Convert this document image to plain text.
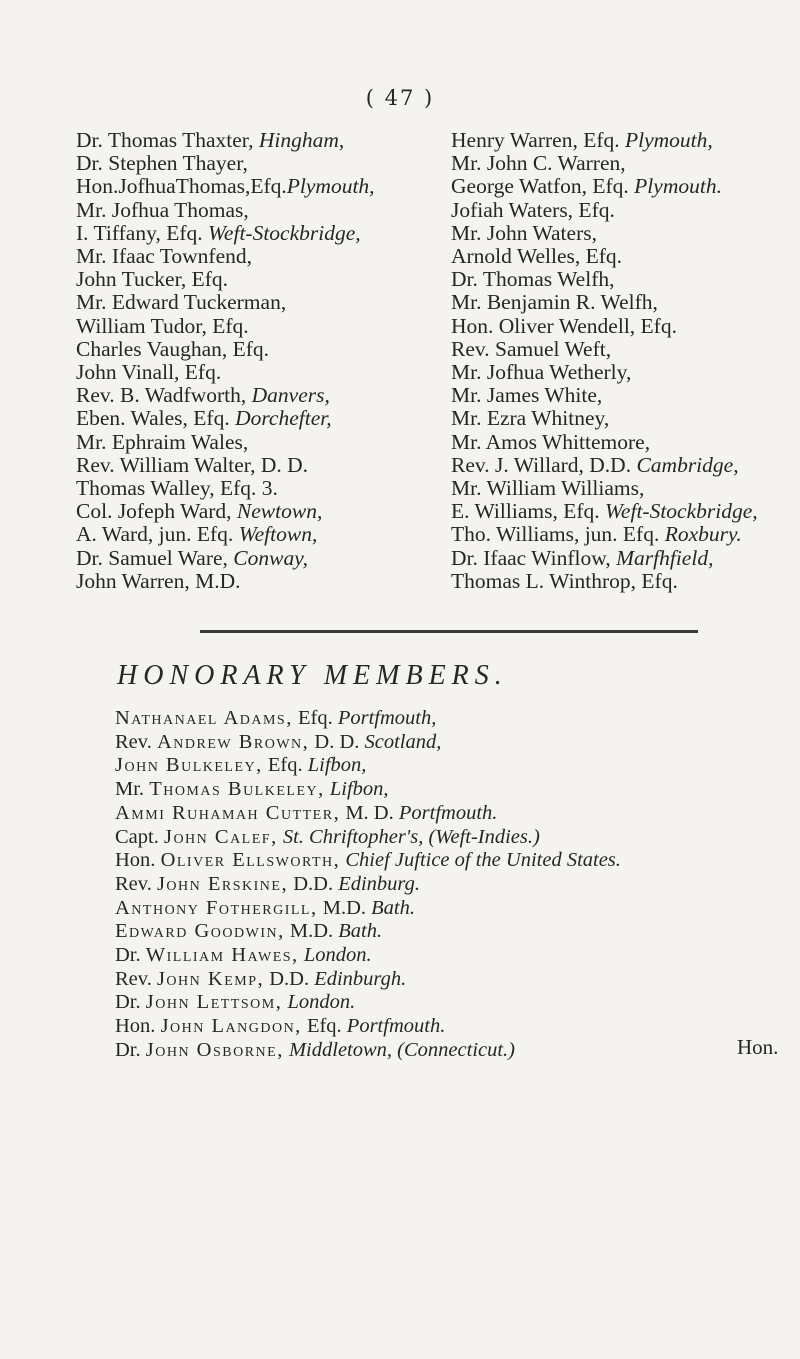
( 47 )
Dr. Thomas Thaxter, Hingham,
Dr. Stephen Thayer,
Hon.JofhuaThomas,Efq.Plymouth,
Mr. Jofhua Thomas,
I. Tiffany, Efq. Weft-Stockbridge,
Mr. Ifaac Townfend,
John Tucker, Efq.
Mr. Edward Tuckerman,
William Tudor, Efq.
Charles Vaughan, Efq.
John Vinall, Efq.
Rev. B. Wadfworth, Danvers,
Eben. Wales, Efq. Dorchefter,
Mr. Ephraim Wales,
Rev. William Walter, D. D.
Thomas Walley, Efq. 3.
Col. Jofeph Ward, Newtown,
A. Ward, jun. Efq. Weftown,
Dr. Samuel Ware, Conway,
John Warren, M.D.
Henry Warren, Efq. Plymouth,
Mr. John C. Warren,
George Watfon, Efq. Plymouth.
Jofiah Waters, Efq.
Mr. John Waters,
Arnold Welles, Efq.
Dr. Thomas Welfh,
Mr. Benjamin R. Welfh,
Hon. Oliver Wendell, Efq.
Rev. Samuel Weft,
Mr. Jofhua Wetherly,
Mr. James White,
Mr. Ezra Whitney,
Mr. Amos Whittemore,
Rev. J. Willard, D.D. Cambridge,
Mr. William Williams,
E. Williams, Efq. Weft-Stockbridge,
Tho. Williams, jun. Efq. Roxbury.
Dr. Ifaac Winflow, Marfhfield,
Thomas L. Winthrop, Efq.
HONORARY MEMBERS.
Nathanael Adams, Efq. Portfmouth,
Rev. Andrew Brown, D. D. Scotland,
John Bulkeley, Efq. Lifbon,
Mr. Thomas Bulkeley, Lifbon,
Ammi Ruhamah Cutter, M. D. Portfmouth.
Capt. John Calef, St. Chriftopher's, (Weft-Indies.)
Hon. Oliver Ellsworth, Chief Juftice of the United States.
Rev. John Erskine, D.D. Edinburg.
Anthony Fothergill, M.D. Bath.
Edward Goodwin, M.D. Bath.
Dr. William Hawes, London.
Rev. John Kemp, D.D. Edinburgh.
Dr. John Lettsom, London.
Hon. John Langdon, Efq. Portfmouth.
Dr. John Osborne, Middletown, (Connecticut.)	Hon.
